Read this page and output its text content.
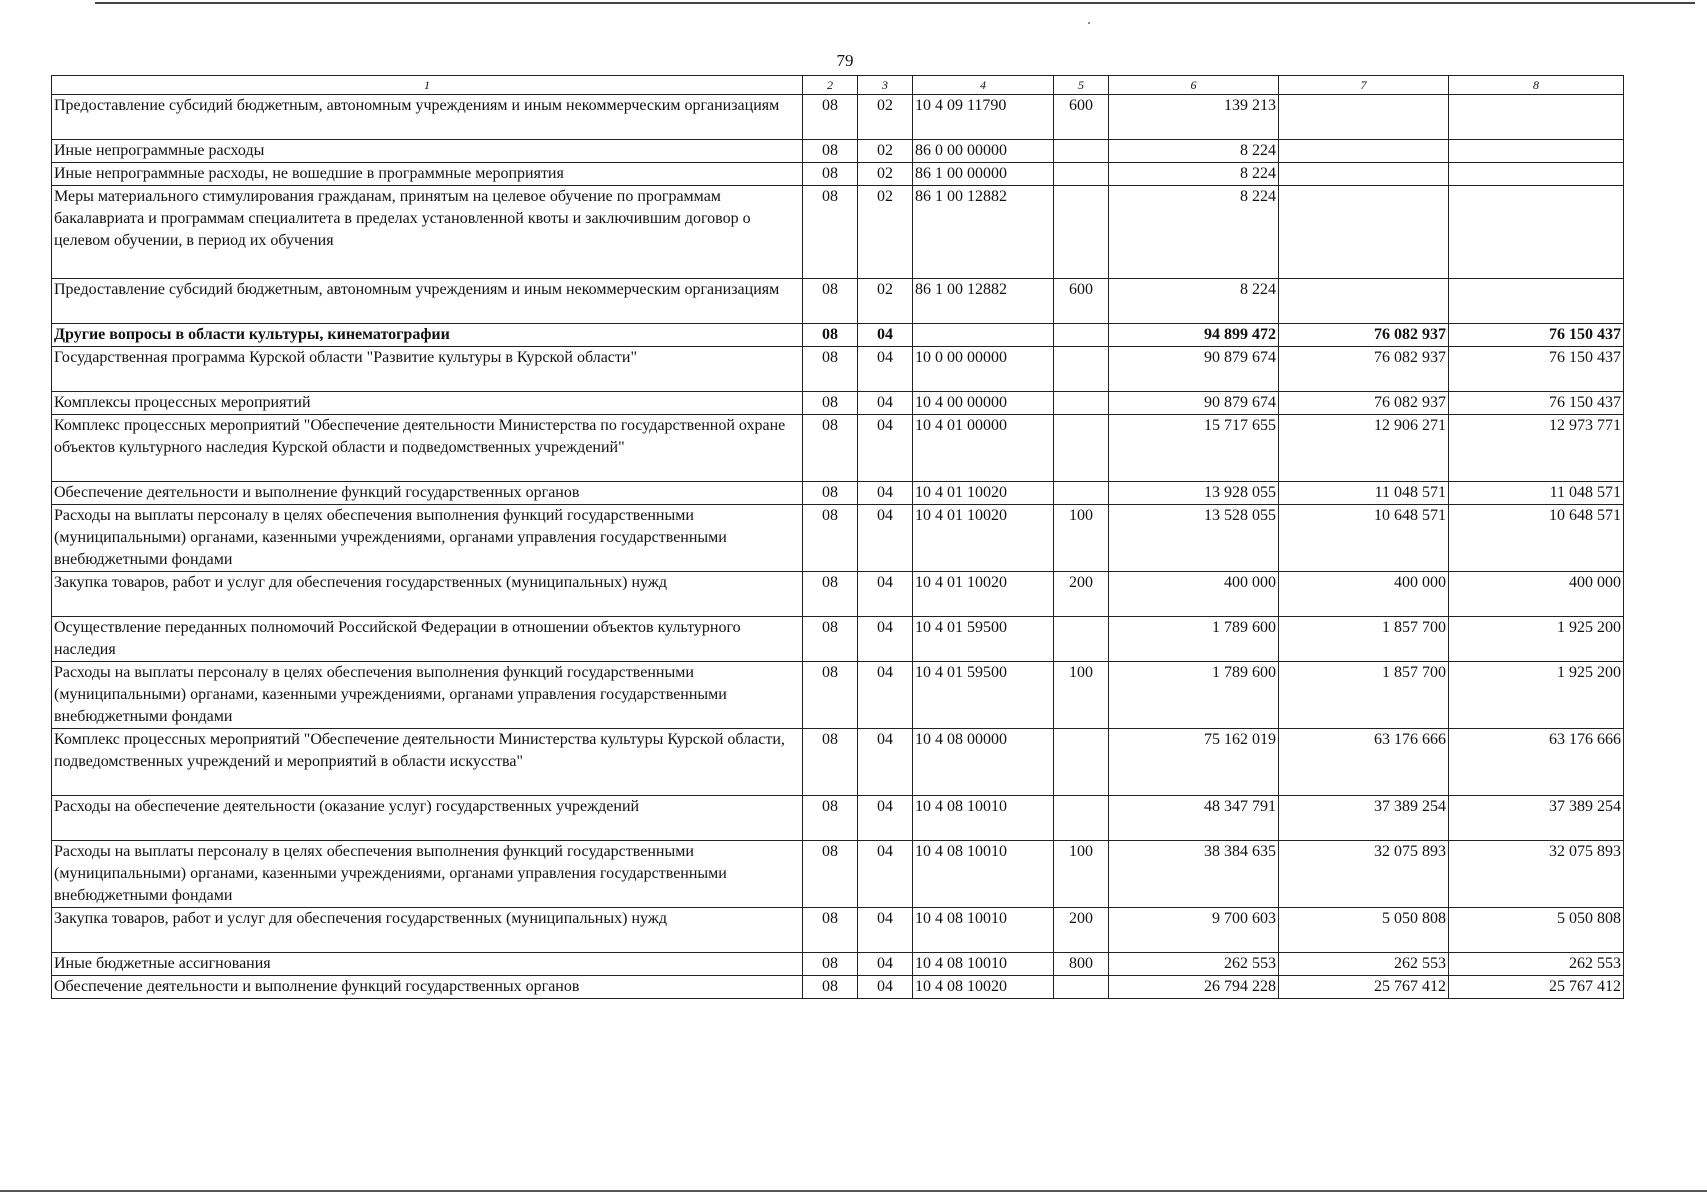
79
1	2	3	4	5	6	7	8
Предоставление субсидий бюджетным, автономным учреждениям и иным некоммерческим организациям	08	02	10 4 09 11790	600	139 213		
Иные непрограммные расходы	08	02	86 0 00 00000		8 224		
Иные непрограммные расходы, не вошедшие в программные мероприятия	08	02	86 1 00 00000		8 224		
Меры материального стимулирования гражданам, принятым на целевое обучение по программам бакалавриата и программам специалитета в пределах установленной квоты и заключившим договор о целевом обучении, в период их обучения	08	02	86 1 00 12882		8 224		
Предоставление субсидий бюджетным, автономным учреждениям и иным некоммерческим организациям	08	02	86 1 00 12882	600	8 224		
Другие вопросы в области культуры, кинематографии	08	04			94 899 472	76 082 937	76 150 437
Государственная программа Курской области "Развитие культуры в Курской области"	08	04	10 0 00 00000		90 879 674	76 082 937	76 150 437
Комплексы процессных мероприятий	08	04	10 4 00 00000		90 879 674	76 082 937	76 150 437
Комплекс процессных мероприятий "Обеспечение деятельности Министерства по государственной охране объектов культурного наследия Курской области и подведомственных учреждений"	08	04	10 4 01 00000		15 717 655	12 906 271	12 973 771
Обеспечение деятельности и выполнение функций государственных органов	08	04	10 4 01 10020		13 928 055	11 048 571	11 048 571
Расходы на выплаты персоналу в целях обеспечения выполнения функций государственными (муниципальными) органами, казенными учреждениями, органами управления государственными внебюджетными фондами	08	04	10 4 01 10020	100	13 528 055	10 648 571	10 648 571
Закупка товаров, работ и услуг для обеспечения государственных (муниципальных) нужд	08	04	10 4 01 10020	200	400 000	400 000	400 000
Осуществление переданных полномочий Российской Федерации в отношении объектов культурного наследия	08	04	10 4 01 59500		1 789 600	1 857 700	1 925 200
Расходы на выплаты персоналу в целях обеспечения выполнения функций государственными (муниципальными) органами, казенными учреждениями, органами управления государственными внебюджетными фондами	08	04	10 4 01 59500	100	1 789 600	1 857 700	1 925 200
Комплекс процессных мероприятий "Обеспечение деятельности Министерства культуры Курской области, подведомственных учреждений и мероприятий в области искусства"	08	04	10 4 08 00000		75 162 019	63 176 666	63 176 666
Расходы на обеспечение деятельности (оказание услуг) государственных учреждений	08	04	10 4 08 10010		48 347 791	37 389 254	37 389 254
Расходы на выплаты персоналу в целях обеспечения выполнения функций государственными (муниципальными) органами, казенными учреждениями, органами управления государственными внебюджетными фондами	08	04	10 4 08 10010	100	38 384 635	32 075 893	32 075 893
Закупка товаров, работ и услуг для обеспечения государственных (муниципальных) нужд	08	04	10 4 08 10010	200	9 700 603	5 050 808	5 050 808
Иные бюджетные ассигнования	08	04	10 4 08 10010	800	262 553	262 553	262 553
Обеспечение деятельности и выполнение функций государственных органов	08	04	10 4 08 10020		26 794 228	25 767 412	25 767 412
